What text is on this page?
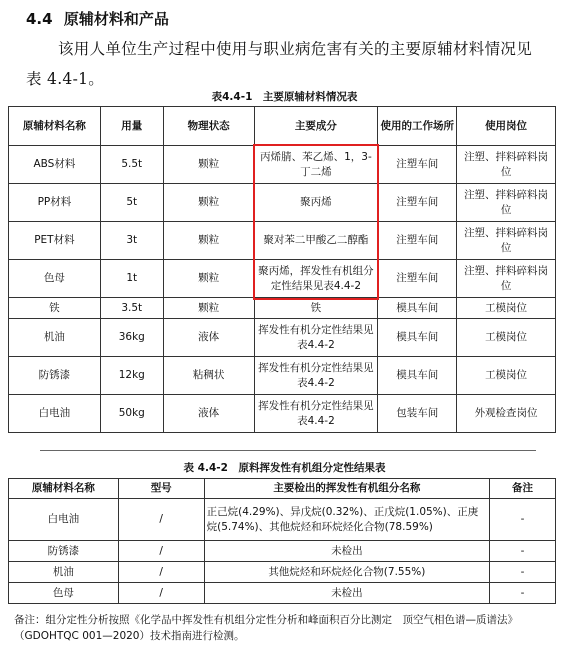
4.4 原辅材料和产品
该用人单位生产过程中使用与职业病危害有关的主要原辅材料情况见表 4.4-1。
表4.4-1　主要原辅材料情况表
原辅材料名称	用量	物理状态	主要成分	使用的工作场所	使用岗位
ABS材料	5.5t	颗粒	丙烯腈、苯乙烯、1，3-丁二烯	注塑车间	注塑、拌料碎料岗位
PP材料	5t	颗粒	聚丙烯	注塑车间	注塑、拌料碎料岗位
PET材料	3t	颗粒	聚对苯二甲酸乙二醇酯	注塑车间	注塑、拌料碎料岗位
色母	1t	颗粒	聚丙烯，挥发性有机组分定性结果见表4.4-2	注塑车间	注塑、拌料碎料岗位
铁	3.5t	颗粒	铁	模具车间	工模岗位
机油	36kg	液体	挥发性有机分定性结果见表4.4-2	模具车间	工模岗位
防锈漆	12kg	粘稠状	挥发性有机分定性结果见表4.4-2	模具车间	工模岗位
白电油	50kg	液体	挥发性有机分定性结果见表4.4-2	包装车间	外观检查岗位
表 4.4-2　原料挥发性有机组分定性结果表
原辅材料名称	型号	主要检出的挥发性有机组分名称	备注
白电油	/	正己烷(4.29%)、异戊烷(0.32%)、正戊烷(1.05%)、正庚烷(5.74%)、其他烷烃和环烷烃化合物(78.59%)	-
防锈漆	/	未检出	-
机油	/	其他烷烃和环烷烃化合物(7.55%)	-
色母	/	未检出	-
备注：组分定性分析按照《化学品中挥发性有机组分定性分析和峰面积百分比测定　顶空气相色谱—质谱法》（GDOHTQC 001—2020）技术指南进行检测。
